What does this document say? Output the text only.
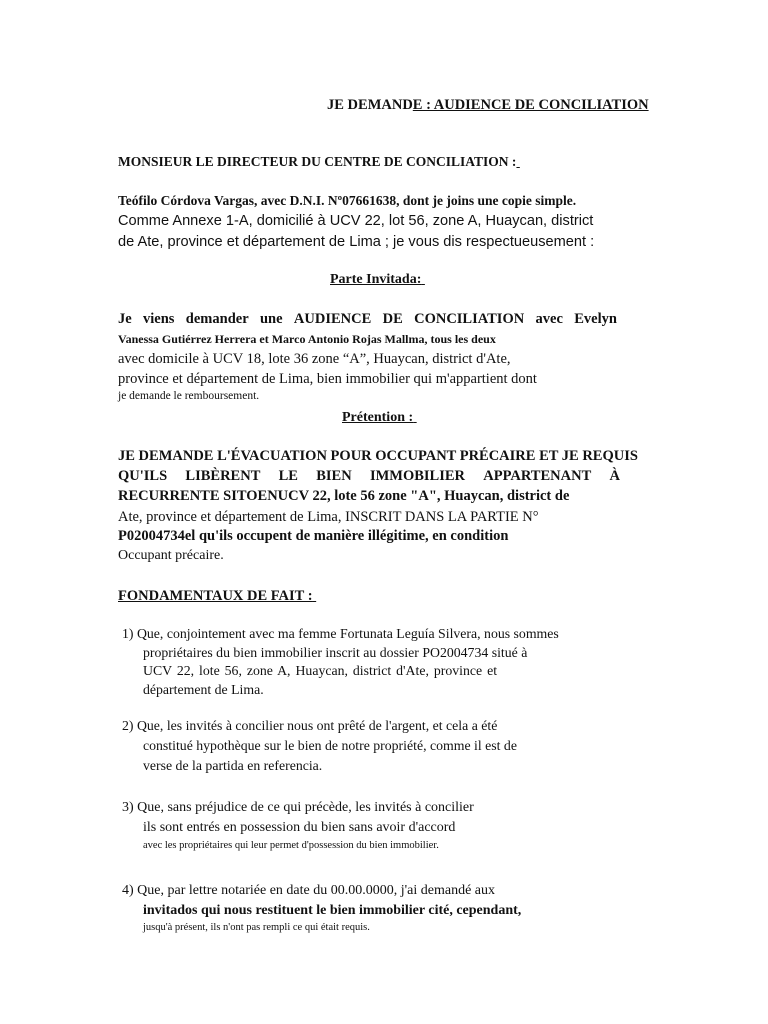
JE DEMANDE : AUDIENCE DE CONCILIATION
MONSIEUR LE DIRECTEUR DU CENTRE DE CONCILIATION :
Teófilo Córdova Vargas, avec D.N.I. Nº07661638, dont je joins une copie simple.
Comme Annexe 1-A, domicilié à UCV 22, lot 56, zone A, Huaycan, district
de Ate, province et département de Lima ; je vous dis respectueusement :
Parte Invitada:
Je viens demander une AUDIENCE DE CONCILIATION avec Evelyn
Vanessa Gutiérrez Herrera et Marco Antonio Rojas Mallma, tous les deux
avec domicile à UCV 18, lote 36 zone “A”, Huaycan, district d'Ate,
province et département de Lima, bien immobilier qui m'appartient dont
je demande le remboursement.
Prétention :
JE DEMANDE L'ÉVACUATION POUR OCCUPANT PRÉCAIRE ET JE REQUIS
QU'ILS LIBÈRENT LE BIEN IMMOBILIER APPARTENANT À
RECURRENTE SITOENUCV 22, lote 56 zone "A", Huaycan, district de
Ate, province et département de Lima, INSCRIT DANS LA PARTIE N°
P02004734el qu'ils occupent de manière illégitime, en condition
Occupant précaire.
FONDAMENTAUX DE FAIT :
1) Que, conjointement avec ma femme Fortunata Leguía Silvera, nous sommes
propriétaires du bien immobilier inscrit au dossier PO2004734 situé à
UCV 22, lote 56, zone A, Huaycan, district d'Ate, province et
département de Lima.
2) Que, les invités à concilier nous ont prêté de l'argent, et cela a été
constitué hypothèque sur le bien de notre propriété, comme il est de
verse de la partida en referencia.
3) Que, sans préjudice de ce qui précède, les invités à concilier
ils sont entrés en possession du bien sans avoir d'accord
avec les propriétaires qui leur permet d'possession du bien immobilier.
4) Que, par lettre notariée en date du 00.00.0000, j'ai demandé aux
invitados qui nous restituent le bien immobilier cité, cependant,
jusqu'à présent, ils n'ont pas rempli ce qui était requis.
